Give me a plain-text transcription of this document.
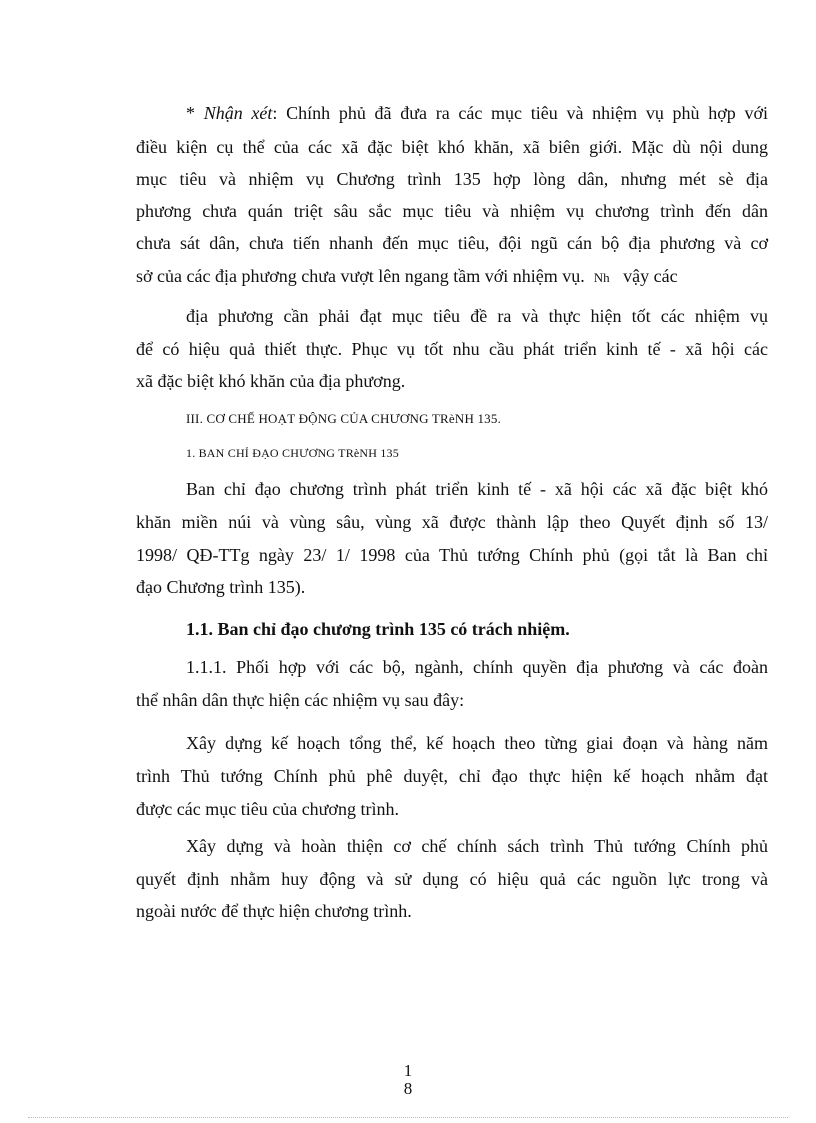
* Nhận xét: Chính phủ đã đưa ra các mục tiêu và nhiệm vụ phù hợp với
điều kiện cụ thể của các xã đặc biệt khó khăn, xã biên giới. Mặc dù nội dung
mục tiêu và nhiệm vụ Chương trình 135 hợp lòng dân, nhưng mét sè địa
phương chưa quán triệt sâu sắc mục tiêu và nhiệm vụ chương trình đến dân
chưa sát dân, chưa tiến nhanh đến mục tiêu, đội ngũ cán bộ địa phương và cơ
sở của các địa phương chưa vượt lên ngang tầm với nhiệm vụ. Nh vậy các
địa phương cần phải đạt mục tiêu đề ra và thực hiện tốt các nhiệm vụ
để có hiệu quả thiết thực. Phục vụ tốt nhu cầu phát triển kinh tế - xã hội các
xã đặc biệt khó khăn của địa phương.
III. CƠ CHẾ HOẠT ĐỘNG CỦA CHƯƠNG TRèNH 135.
1. BAN CHỈ ĐẠO CHƯƠNG TRèNH 135
Ban chỉ đạo chương trình phát triển kinh tế - xã hội các xã đặc biệt khó
khăn miền núi và vùng sâu, vùng xã được thành lập theo Quyết định số 13/
1998/ QĐ-TTg ngày 23/ 1/ 1998 của Thủ tướng Chính phủ (gọi tắt là Ban chỉ
đạo Chương trình 135).
1.1. Ban chỉ đạo chương trình 135 có trách nhiệm.
1.1.1. Phối hợp với các bộ, ngành, chính quyền địa phương và các đoàn
thể nhân dân thực hiện các nhiệm vụ sau đây:
Xây dựng kế hoạch tổng thể, kế hoạch theo từng giai đoạn và hàng năm
trình Thủ tướng Chính phủ phê duyệt, chỉ đạo thực hiện kế hoạch nhằm đạt
được các mục tiêu của chương trình.
Xây dựng và hoàn thiện cơ chế chính sách trình Thủ tướng Chính phủ
quyết định nhằm huy động và sử dụng có hiệu quả các nguồn lực trong và
ngoài nước để thực hiện chương trình.
1
8
